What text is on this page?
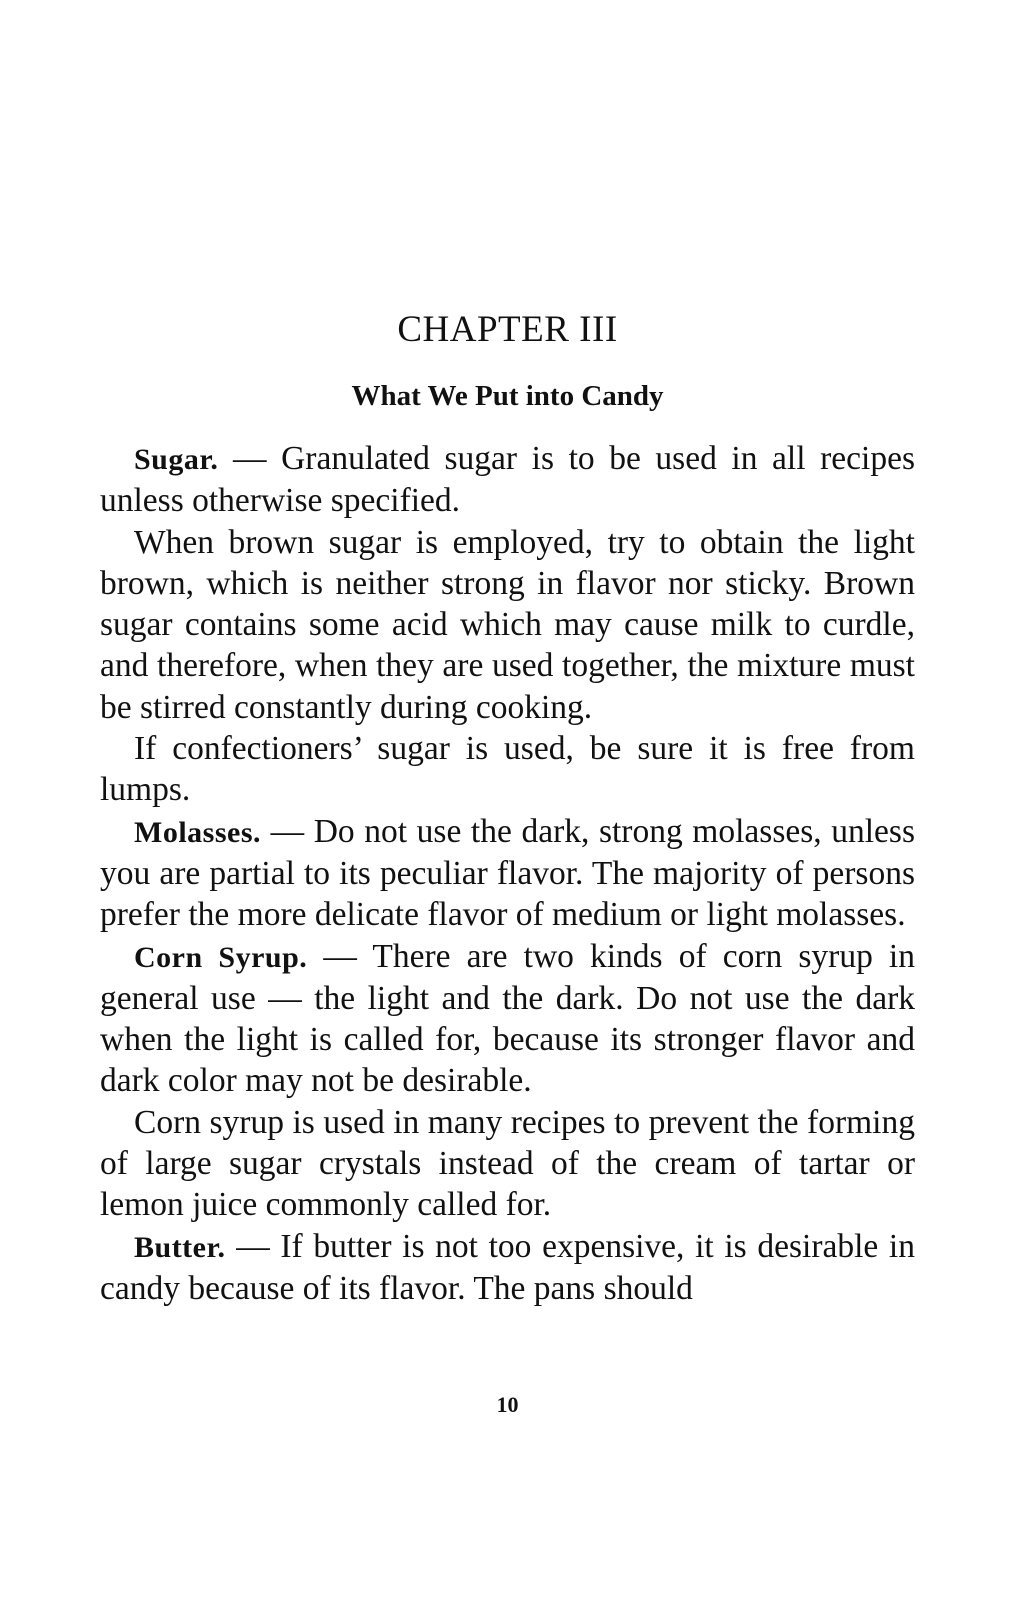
CHAPTER III
What We Put into Candy

Sugar. — Granulated sugar is to be used in all recipes unless otherwise specified.

When brown sugar is employed, try to obtain the light brown, which is neither strong in flavor nor sticky. Brown sugar contains some acid which may cause milk to curdle, and therefore, when they are used together, the mixture must be stirred constantly during cooking.

If confectioners’ sugar is used, be sure it is free from lumps.

Molasses. — Do not use the dark, strong molasses, unless you are partial to its peculiar flavor. The majority of persons prefer the more delicate flavor of medium or light molasses.

Corn Syrup. — There are two kinds of corn syrup in general use — the light and the dark. Do not use the dark when the light is called for, because its stronger flavor and dark color may not be desirable.

Corn syrup is used in many recipes to prevent the forming of large sugar crystals instead of the cream of tartar or lemon juice commonly called for.

Butter. — If butter is not too expensive, it is desirable in candy because of its flavor. The pans should

10
